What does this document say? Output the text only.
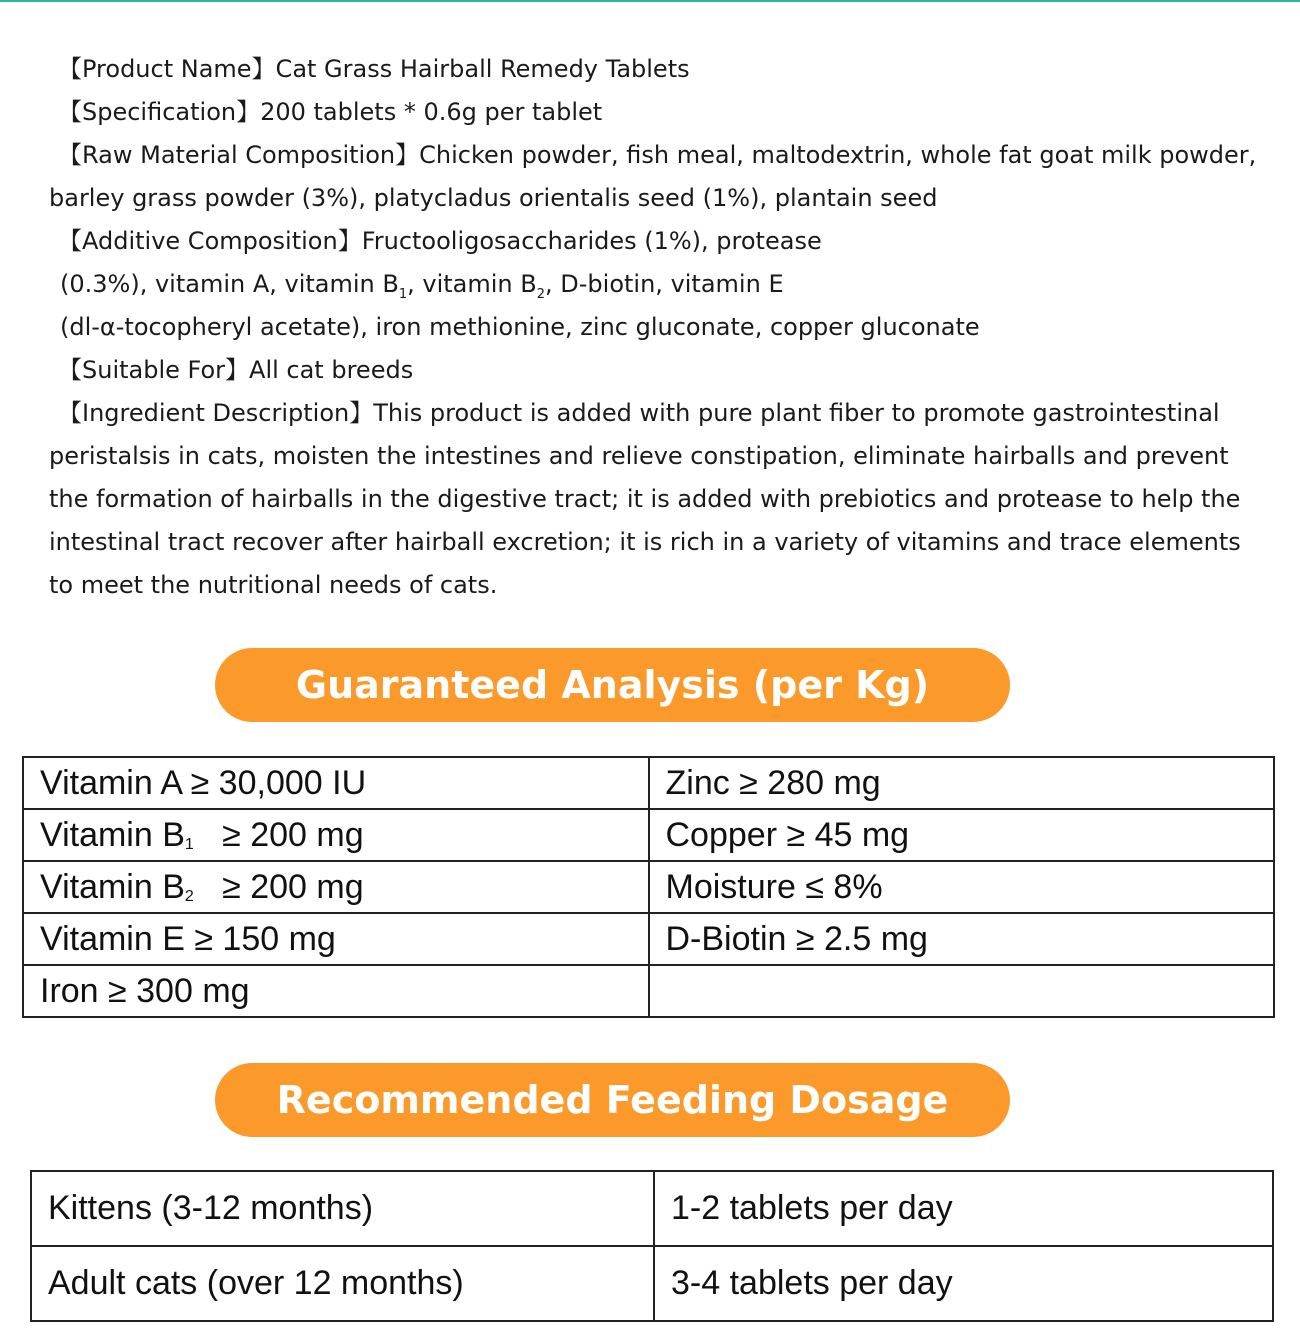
【Product Name】Cat Grass Hairball Remedy Tablets
【Specification】200 tablets * 0.6g per tablet
【Raw Material Composition】Chicken powder, fish meal, maltodextrin, whole fat goat milk powder,
barley grass powder (3%), platycladus orientalis seed (1%), plantain seed
【Additive Composition】Fructooligosaccharides (1%), protease
(0.3%), vitamin A, vitamin $B_1$, vitamin $B_2$, D-biotin, vitamin E
(dl-α-tocopheryl acetate), iron methionine, zinc gluconate, copper gluconate
【Suitable For】All cat breeds
【Ingredient Description】This product is added with pure plant fiber to promote gastrointestinal
peristalsis in cats, moisten the intestines and relieve constipation, eliminate hairballs and prevent
the formation of hairballs in the digestive tract; it is added with prebiotics and protease to help the
intestinal tract recover after hairball excretion; it is rich in a variety of vitamins and trace elements
to meet the nutritional needs of cats.
Guaranteed Analysis (per Kg)
Vitamin A ≥ 30,000 IU	Zinc ≥ 280 mg
Vitamin B1   ≥ 200 mg	Copper ≥ 45 mg
Vitamin B2   ≥ 200 mg	Moisture ≤ 8%
Vitamin E ≥ 150 mg	D-Biotin ≥ 2.5 mg
Iron ≥ 300 mg	
Recommended Feeding Dosage
Kittens (3-12 months)	1-2 tablets per day
Adult cats (over 12 months)	3-4 tablets per day
